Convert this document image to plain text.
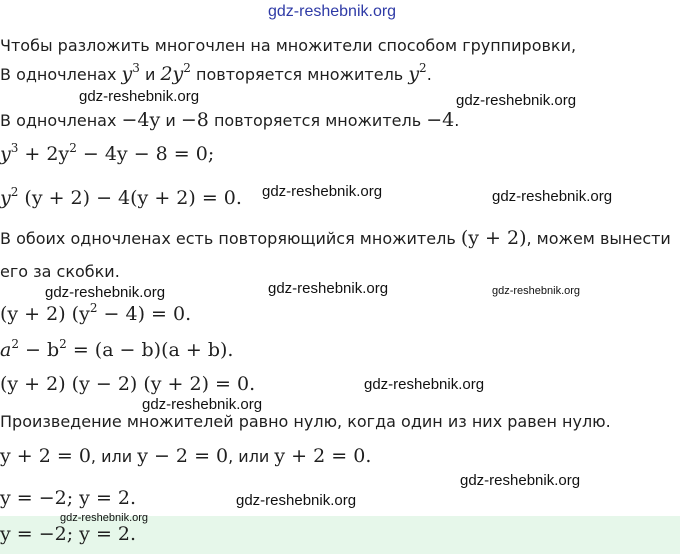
gdz-reshebnik.org
Чтобы разложить многочлен на множители способом группировки,
В одночленах $y^3$ и $2y^2$ повторяется множитель $y^2$.
В одночленах −4y и −8 повторяется множитель −4.
$y^3 + 2y^2 - 4y - 8 = 0$;
$y^2$ (y + 2) − 4(y + 2) = 0.
В обоих одночленах есть повторяющийся множитель (y + 2), можем вынести
его за скобки.
(y + 2) $(y^2 - 4) = 0$.
$a^2 - b^2 = (a - b)(a + b)$.
(y + 2) (y − 2) (y + 2) = 0.
Произведение множителей равно нулю, когда один из них равен нулю.
y + 2 = 0, или y − 2 = 0, или y + 2 = 0.
y = −2; y = 2.
y = −2; y = 2.
gdz-reshebnik.org	gdz-reshebnik.org
gdz-reshebnik.org	gdz-reshebnik.org
gdz-reshebnik.org	gdz-reshebnik.org	gdz-reshebnik.org
gdz-reshebnik.org
gdz-reshebnik.org
gdz-reshebnik.org
gdz-reshebnik.org
gdz-reshebnik.org
